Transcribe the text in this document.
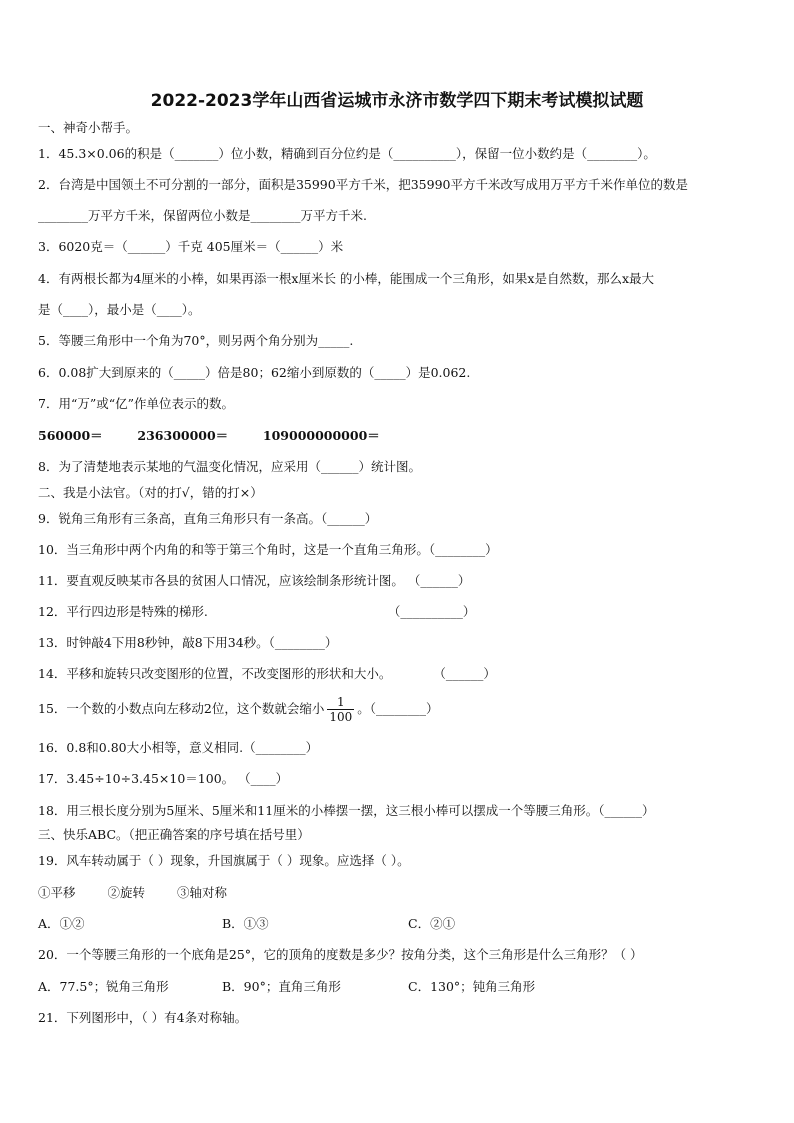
2022-2023学年山西省运城市永济市数学四下期末考试模拟试题
一、神奇小帮手。
1．45.3×0.06的积是（_______）位小数，精确到百分位约是（__________），保留一位小数约是（________）。
2．台湾是中国领土不可分割的一部分，面积是35990平方千米，把35990平方千米改写成用万平方千米作单位的数是
________万平方千米，保留两位小数是________万平方千米.
3．6020克＝（______）千克 405厘米＝（______）米
4．有两根长都为4厘米的小棒，如果再添一根x厘米长 的小棒，能围成一个三角形，如果x是自然数，那么x最大
是（____），最小是（____）。
5．等腰三角形中一个角为70°，则另两个角分别为_____.
6．0.08扩大到原来的（_____）倍是80；62缩小到原数的（_____）是0.062.
7．用“万”或“亿”作单位表示的数。
560000＝	236300000＝	109000000000＝
8．为了清楚地表示某地的气温变化情况，应采用（______）统计图。
二、我是小法官。（对的打√，错的打×）
9．锐角三角形有三条高，直角三角形只有一条高。（______）
10．当三角形中两个内角的和等于第三个角时，这是一个直角三角形。（________）
11．要直观反映某市各县的贫困人口情况，应该绘制条形统计图。 （______）
12．平行四边形是特殊的梯形.	（__________）
13．时钟敲4下用8秒钟，敲8下用34秒。（________）
14．平移和旋转只改变图形的位置，不改变图形的形状和大小。	（______）
15．一个数的小数点向左移动2位，这个数就会缩小 $\frac{1}{100}$ 。（________）
16．0.8和0.80大小相等，意义相同.（________）
17．3.45÷10÷3.45×10＝100。 （____）
18．用三根长度分别为5厘米、5厘米和11厘米的小棒摆一摆，这三根小棒可以摆成一个等腰三角形。（______）
三、快乐ABC。（把正确答案的序号填在括号里）
19．风车转动属于（ ）现象，升国旗属于（ ）现象。应选择（ ）。
①平移	②旋转	③轴对称
A．①②	B．①③	C．②①
20．一个等腰三角形的一个底角是25°，它的顶角的度数是多少？按角分类，这个三角形是什么三角形？（ ）
A．77.5°；锐角三角形	B．90°；直角三角形	C．130°；钝角三角形
21．下列图形中，（ ）有4条对称轴。
